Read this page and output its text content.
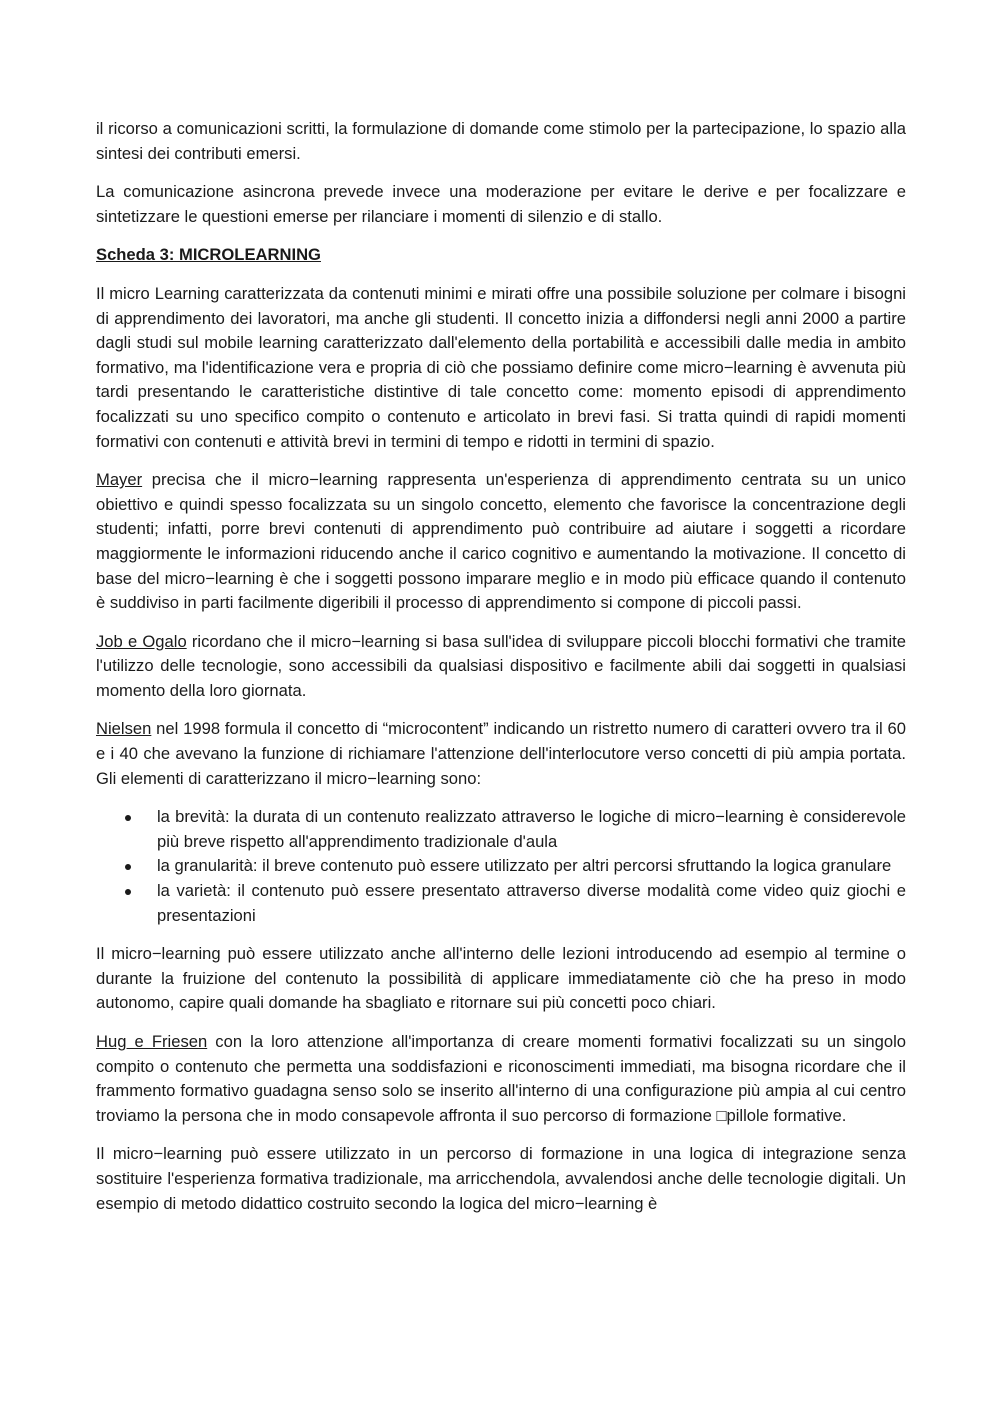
il ricorso a comunicazioni scritti, la formulazione di domande come stimolo per la partecipazione, lo spazio alla sintesi dei contributi emersi.

La comunicazione asincrona prevede invece una moderazione per evitare le derive e per focalizzare e sintetizzare le questioni emerse per rilanciare i momenti di silenzio e di stallo.

Scheda 3: MICROLEARNING

Il micro Learning caratterizzata da contenuti minimi e mirati offre una possibile soluzione per colmare i bisogni di apprendimento dei lavoratori, ma anche gli studenti. Il concetto inizia a diffondersi negli anni 2000 a partire dagli studi sul mobile learning caratterizzato dall'elemento della portabilità e accessibili dalle media in ambito formativo, ma l'identificazione vera e propria di ciò che possiamo definire come micro−learning è avvenuta più tardi presentando le caratteristiche distintive di tale concetto come: momento episodi di apprendimento focalizzati su uno specifico compito o contenuto e articolato in brevi fasi. Si tratta quindi di rapidi momenti formativi con contenuti e attività brevi in termini di tempo e ridotti in termini di spazio.

Mayer precisa che il micro−learning rappresenta un'esperienza di apprendimento centrata su un unico obiettivo e quindi spesso focalizzata su un singolo concetto, elemento che favorisce la concentrazione degli studenti; infatti, porre brevi contenuti di apprendimento può contribuire ad aiutare i soggetti a ricordare maggiormente le informazioni riducendo anche il carico cognitivo e aumentando la motivazione. Il concetto di base del micro−learning è che i soggetti possono imparare meglio e in modo più efficace quando il contenuto è suddiviso in parti facilmente digeribili il processo di apprendimento si compone di piccoli passi.

Job e Ogalo ricordano che il micro−learning si basa sull'idea di sviluppare piccoli blocchi formativi che tramite l'utilizzo delle tecnologie, sono accessibili da qualsiasi dispositivo e facilmente abili dai soggetti in qualsiasi momento della loro giornata.

Nielsen nel 1998 formula il concetto di “microcontent” indicando un ristretto numero di caratteri ovvero tra il 60 e i 40 che avevano la funzione di richiamare l'attenzione dell'interlocutore verso concetti di più ampia portata. Gli elementi di caratterizzano il micro−learning sono:

la brevità: la durata di un contenuto realizzato attraverso le logiche di micro−learning è considerevole più breve rispetto all'apprendimento tradizionale d'aula
la granularità: il breve contenuto può essere utilizzato per altri percorsi sfruttando la logica granulare
la varietà: il contenuto può essere presentato attraverso diverse modalità come video quiz giochi e presentazioni

Il micro−learning può essere utilizzato anche all'interno delle lezioni introducendo ad esempio al termine o durante la fruizione del contenuto la possibilità di applicare immediatamente ciò che ha preso in modo autonomo, capire quali domande ha sbagliato e ritornare sui più concetti poco chiari.

Hug e Friesen con la loro attenzione all'importanza di creare momenti formativi focalizzati su un singolo compito o contenuto che permetta una soddisfazioni e riconoscimenti immediati, ma bisogna ricordare che il frammento formativo guadagna senso solo se inserito all'interno di una configurazione più ampia al cui centro troviamo la persona che in modo consapevole affronta il suo percorso di formazione □pillole formative.

Il micro−learning può essere utilizzato in un percorso di formazione in una logica di integrazione senza sostituire l'esperienza formativa tradizionale, ma arricchendola, avvalendosi anche delle tecnologie digitali. Un esempio di metodo didattico costruito secondo la logica del micro−learning è
